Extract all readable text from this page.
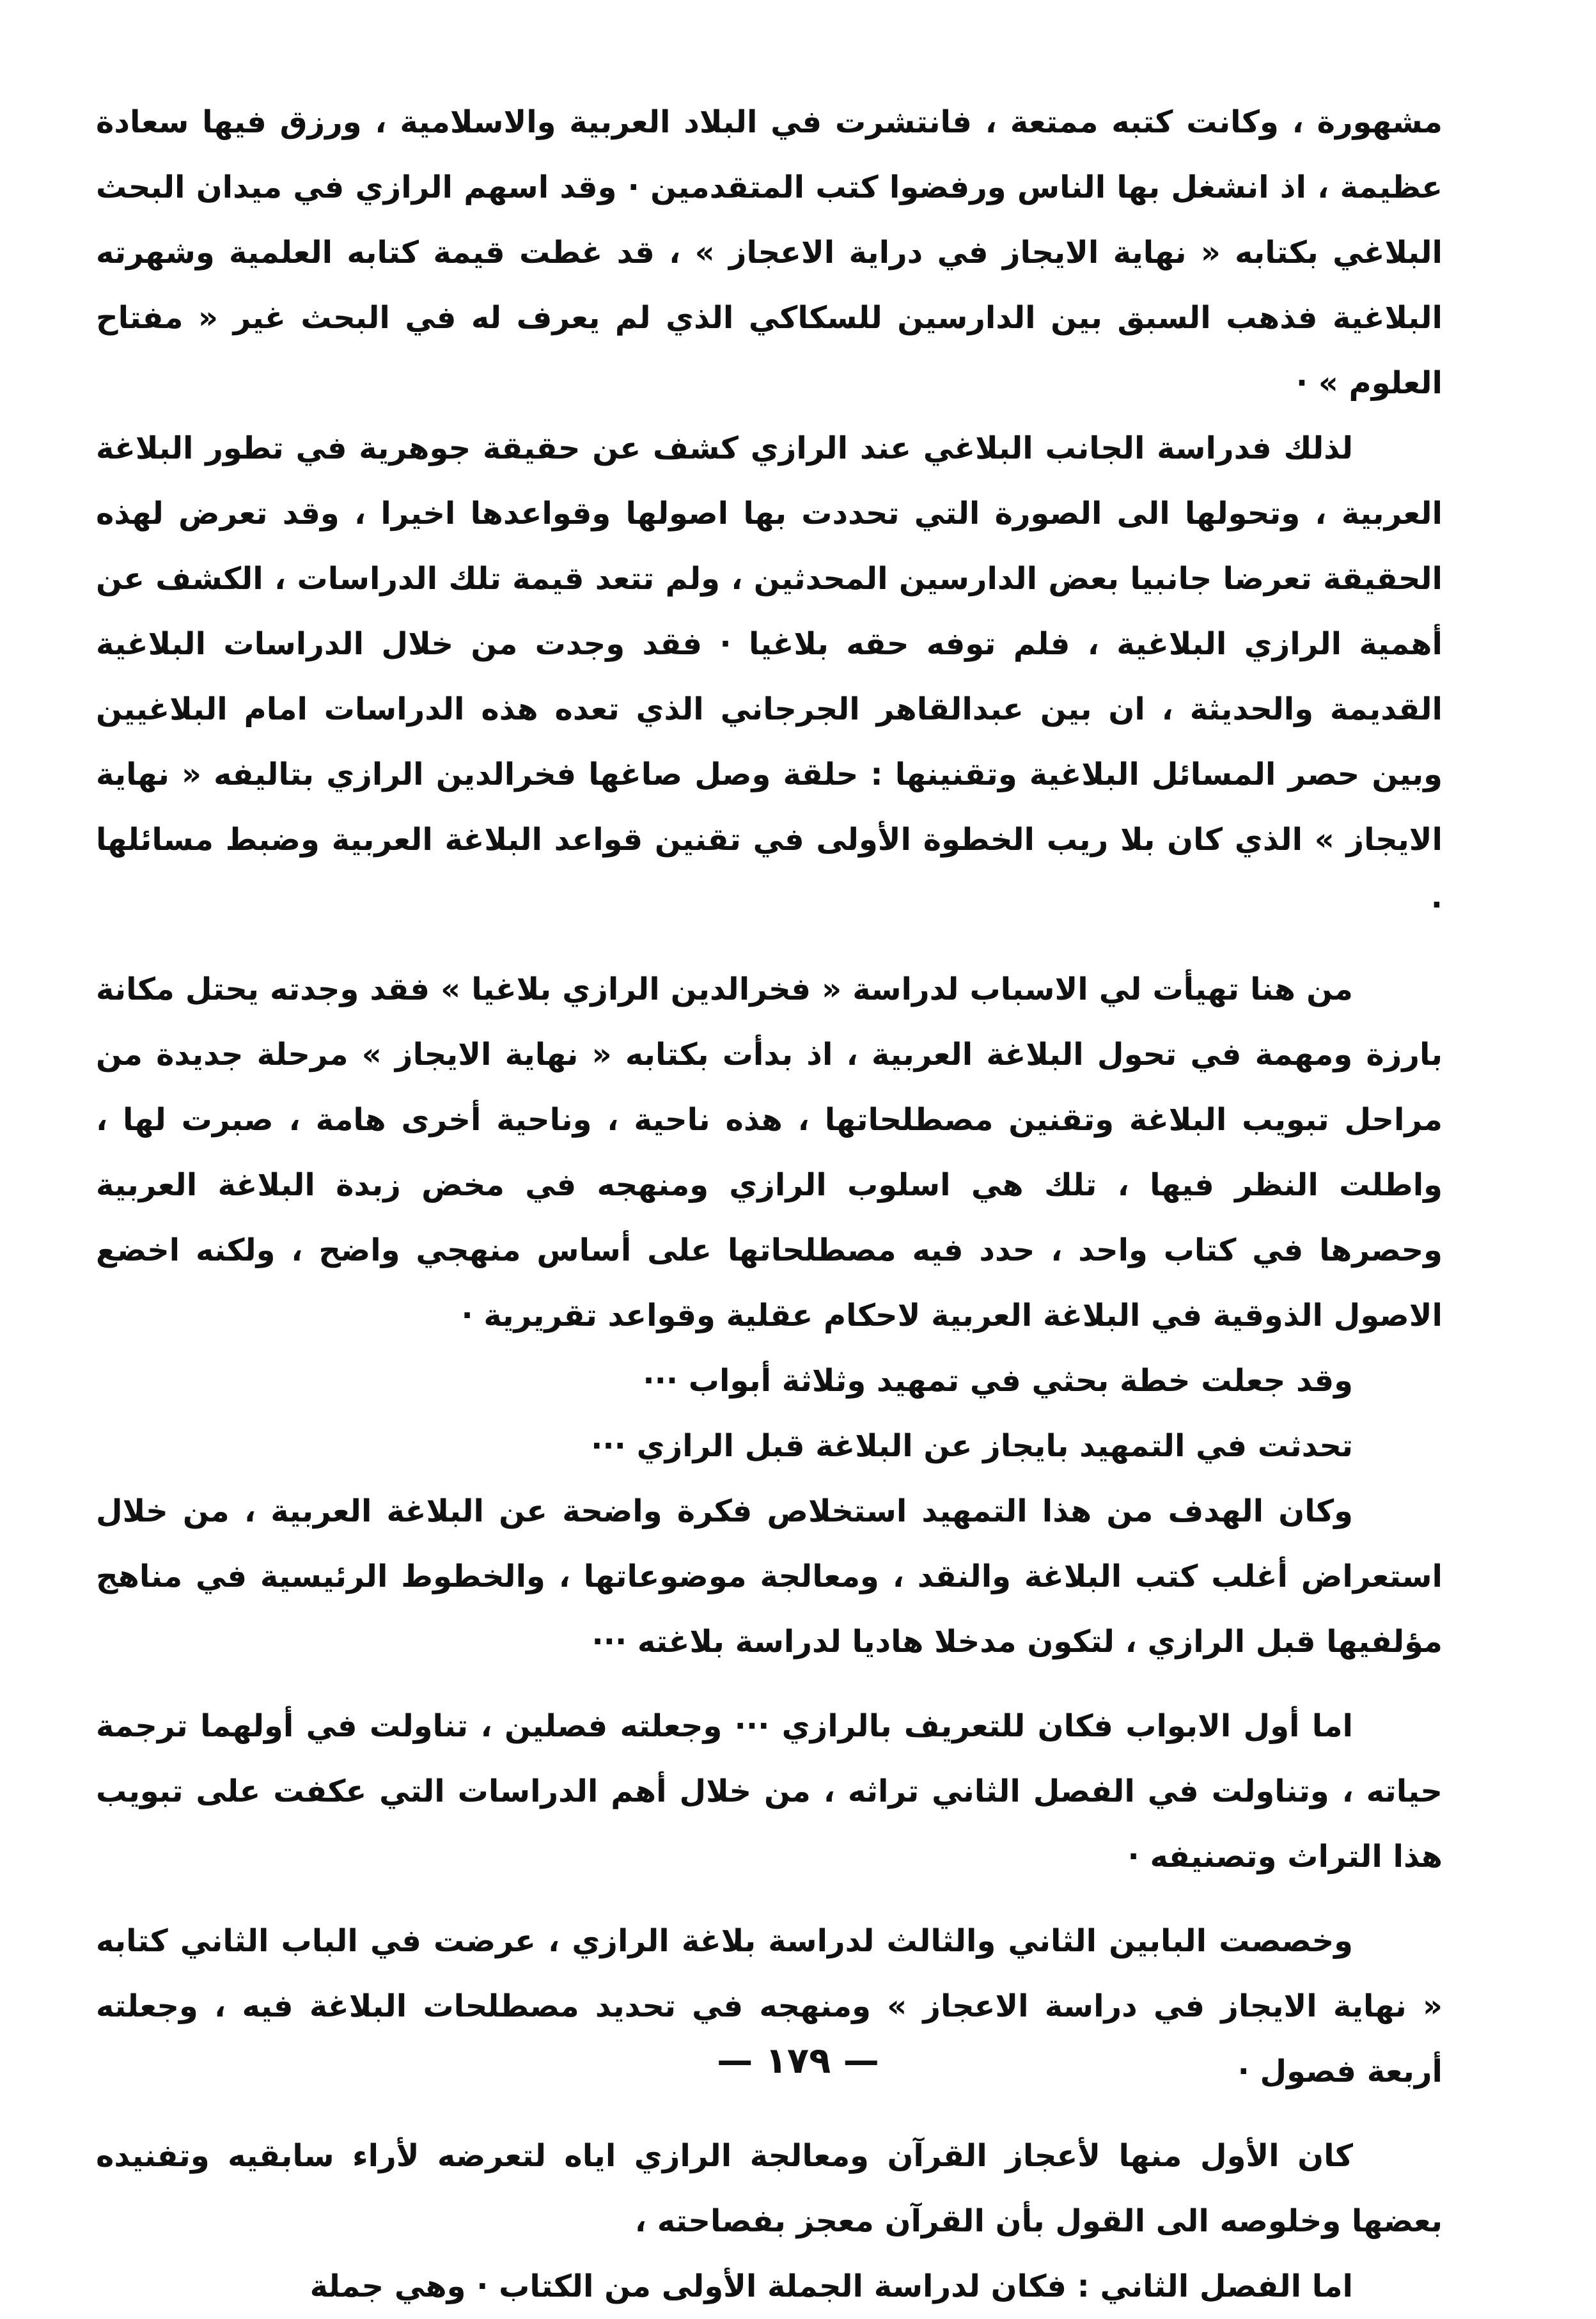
مشهورة ، وكانت كتبه ممتعة ، فانتشرت في البلاد العربية والاسلامية ، ورزق فيها سعادة عظيمة ، اذ انشغل بها الناس ورفضوا كتب المتقدمين · وقد اسهم الرازي في ميدان البحث البلاغي بكتابه « نهاية الايجاز في دراية الاعجاز » ، قد غطت قيمة كتابه العلمية وشهرته البلاغية فذهب السبق بين الدارسين للسكاكي الذي لم يعرف له في البحث غير « مفتاح العلوم » ·

لذلك فدراسة الجانب البلاغي عند الرازي كشف عن حقيقة جوهرية في تطور البلاغة العربية ، وتحولها الى الصورة التي تحددت بها اصولها وقواعدها اخيرا ، وقد تعرض لهذه الحقيقة تعرضا جانبيا بعض الدارسين المحدثين ، ولم تتعد قيمة تلك الدراسات ، الكشف عن أهمية الرازي البلاغية ، فلم توفه حقه بلاغيا · فقد وجدت من خلال الدراسات البلاغية القديمة والحديثة ، ان بين عبدالقاهر الجرجاني الذي تعده هذه الدراسات امام البلاغيين وبين حصر المسائل البلاغية وتقنينها : حلقة وصل صاغها فخرالدين الرازي بتاليفه « نهاية الايجاز » الذي كان بلا ريب الخطوة الأولى في تقنين قواعد البلاغة العربية وضبط مسائلها ·

من هنا تهيأت لي الاسباب لدراسة « فخرالدين الرازي بلاغيا » فقد وجدته يحتل مكانة بارزة ومهمة في تحول البلاغة العربية ، اذ بدأت بكتابه « نهاية الايجاز » مرحلة جديدة من مراحل تبويب البلاغة وتقنين مصطلحاتها ، هذه ناحية ، وناحية أخرى هامة ، صبرت لها ، واطلت النظر فيها ، تلك هي اسلوب الرازي ومنهجه في مخض زبدة البلاغة العربية وحصرها في كتاب واحد ، حدد فيه مصطلحاتها على أساس منهجي واضح ، ولكنه اخضع الاصول الذوقية في البلاغة العربية لاحكام عقلية وقواعد تقريرية ·

وقد جعلت خطة بحثي في تمهيد وثلاثة أبواب ···

تحدثت في التمهيد بايجاز عن البلاغة قبل الرازي ···

وكان الهدف من هذا التمهيد استخلاص فكرة واضحة عن البلاغة العربية ، من خلال استعراض أغلب كتب البلاغة والنقد ، ومعالجة موضوعاتها ، والخطوط الرئيسية في مناهج مؤلفيها قبل الرازي ، لتكون مدخلا هاديا لدراسة بلاغته ···

اما أول الابواب فكان للتعريف بالرازي ··· وجعلته فصلين ، تناولت في أولهما ترجمة حياته ، وتناولت في الفصل الثاني تراثه ، من خلال أهم الدراسات التي عكفت على تبويب هذا التراث وتصنيفه ·

وخصصت البابين الثاني والثالث لدراسة بلاغة الرازي ، عرضت في الباب الثاني كتابه « نهاية الايجاز في دراسة الاعجاز » ومنهجه في تحديد مصطلحات البلاغة فيه ، وجعلته أربعة فصول ·

كان الأول منها لأعجاز القرآن ومعالجة الرازي اياه لتعرضه لأراء سابقيه وتفنيده بعضها وخلوصه الى القول بأن القرآن معجز بفصاحته ،

اما الفصل الثاني : فكان لدراسة الجملة الأولى من الكتاب · وهي جملة

— ١٧٩ —
